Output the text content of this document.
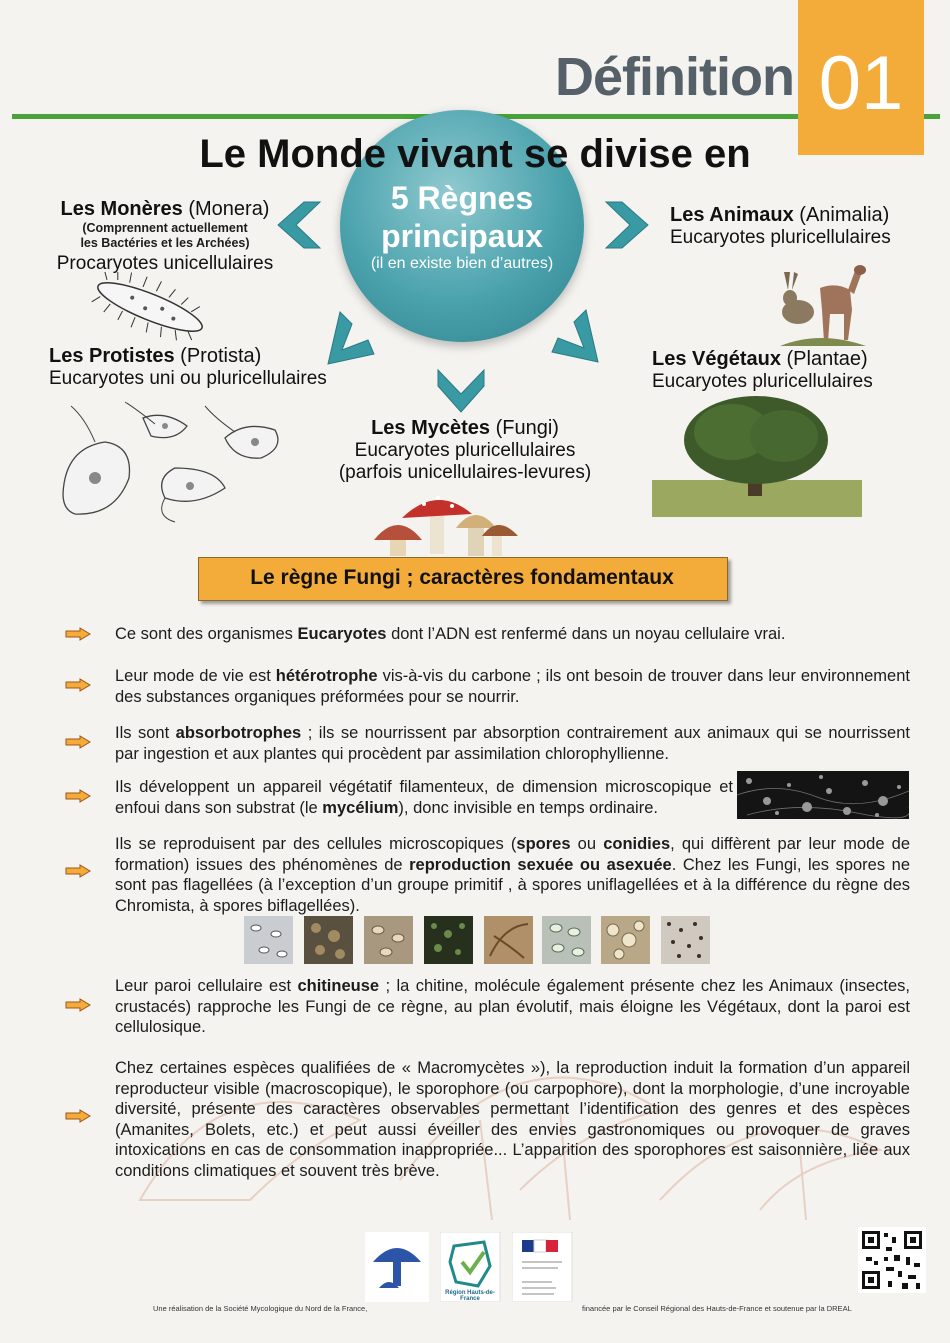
Définition 01
Le Monde vivant se divise en
5 Règnes
principaux
(il en existe bien d’autres)
Les Monères (Monera)
(Comprennent actuellement
les Bactéries et les Archées)
Procaryotes unicellulaires
Les Animaux (Animalia)
Eucaryotes pluricellulaires
Les Protistes (Protista)
Eucaryotes uni ou pluricellulaires
Les Végétaux (Plantae)
Eucaryotes pluricellulaires
Les Mycètes (Fungi)
Eucaryotes pluricellulaires
(parfois unicellulaires-levures)
Le règne Fungi ; caractères fondamentaux
Ce sont des organismes Eucaryotes dont l’ADN est renfermé dans un noyau cellulaire vrai.
Leur mode de vie est hétérotrophe vis-à-vis du carbone ; ils ont besoin de trouver dans leur environnement des substances organiques préformées pour se nourrir.
Ils sont absorbotrophes ; ils se nourrissent par absorption contrairement aux animaux qui se nourrissent par ingestion et aux plantes qui procèdent par assimilation chlorophyllienne.
Ils développent un appareil végétatif filamenteux, de dimension microscopique et enfoui dans son substrat (le mycélium), donc invisible en temps ordinaire.
Ils se reproduisent par des cellules microscopiques (spores ou conidies, qui diffèrent par leur mode de formation) issues des phénomènes de reproduction sexuée ou asexuée. Chez les Fungi, les spores ne sont pas flagellées (à l’exception d’un groupe primitif , à spores uniflagellées et à la différence du règne des Chromista, à spores biflagellées).
Leur paroi cellulaire est chitineuse ; la chitine, molécule également présente chez les Animaux (insectes, crustacés) rapproche les Fungi de ce règne, au plan évolutif, mais éloigne les Végétaux, dont la paroi est cellulosique.
Chez certaines espèces qualifiées de « Macromycètes »), la reproduction induit la formation d’un appareil reproducteur visible (macroscopique), le sporophore (ou carpophore), dont la morphologie, d’une incroyable diversité, présente des caractères observables permettant l’identification des genres et des espèces (Amanites, Bolets, etc.) et peut aussi éveiller des envies gastronomiques ou provoquer de graves intoxications en cas de consommation inappropriée... L’apparition des sporophores est saisonnière, liée aux conditions climatiques et souvent très brève.
Région Hauts-de-France
Une réalisation de la Société Mycologique du Nord de la France,	financée par le Conseil Régional des Hauts-de-France et soutenue par la DREAL
